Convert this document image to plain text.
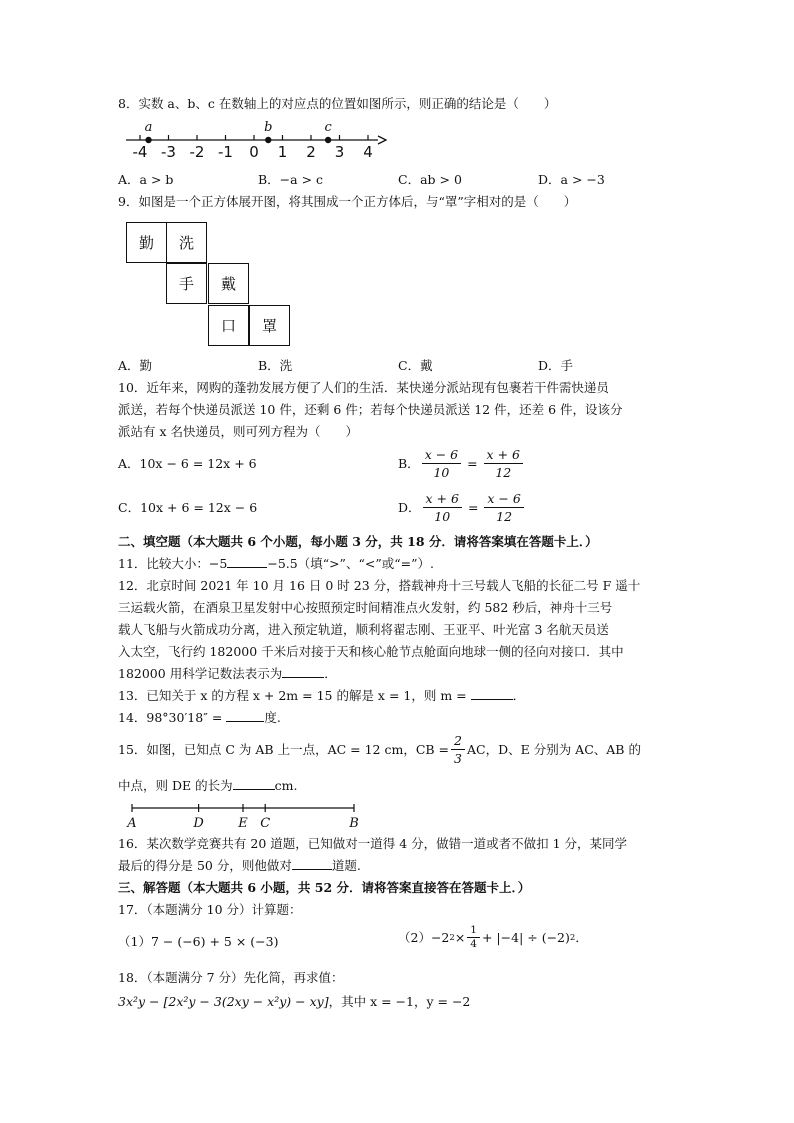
8．实数 a、b、c 在数轴上的对应点的位置如图所示，则正确的结论是（　　）
-4 -3 -2 -1 0 1 2 3 4
a	b	c
A．a > b	B．−a > c	C．ab > 0	D．a > −3
9．如图是一个正方体展开图，将其围成一个正方体后，与“罩”字相对的是（　　）
勤	洗
手	戴
口	罩
A．勤	B．洗	C．戴	D．手
10．近年来，网购的蓬勃发展方便了人们的生活．某快递分派站现有包裹若干件需快递员
派送，若每个快递员派送 10 件，还剩 6 件；若每个快递员派送 12 件，还差 6 件，设该分
派站有 x 名快递员，则可列方程为（　　）
A．10x − 6 = 12x + 6	B． $\frac{x - 6}{10} = \frac{x + 6}{12}$
C．10x + 6 = 12x − 6	D． $\frac{x + 6}{10} = \frac{x - 6}{12}$
二、填空题（本大题共 6 个小题，每小题 3 分，共 18 分．请将答案填在答题卡上．）
11．比较大小：−5	−5.5（填“>”、“<”或“=”）.
12．北京时间 2021 年 10 月 16 日 0 时 23 分，搭载神舟十三号载人飞船的长征二号 F 遥十
三运载火箭，在酒泉卫星发射中心按照预定时间精准点火发射，约 582 秒后，神舟十三号
载人飞船与火箭成功分离，进入预定轨道，顺利将翟志刚、王亚平、叶光富 3 名航天员送
入太空，飞行约 182000 千米后对接于天和核心舱节点舱面向地球一侧的径向对接口．其中
182000 用科学记数法表示为	．
13．已知关于 x 的方程 x + 2m = 15 的解是 x = 1，则 m =	．
14．98°30′18″ =	度.
15．如图，已知点 C 为 AB 上一点，AC = 12 cm，CB = $\frac{2}{3}$ AC，D、E 分别为 AC、AB 的
中点，则 DE 的长为	cm.
A	D	E C	B
16．某次数学竞赛共有 20 道题，已知做对一道得 4 分，做错一道或者不做扣 1 分，某同学
最后的得分是 50 分，则他做对	道题.
三、解答题（本大题共 6 小题，共 52 分．请将答案直接答在答题卡上．）
17．（本题满分 10 分）计算题：
（1）7 − (−6) + 5 × (−3)	（2） −2 $2 \times \frac{1}{4} + |-4| \div (-2)$ 2 ．
18．（本题满分 7 分）先化简，再求值：
3x²y − [2x²y − 3(2xy − x²y) − xy]，其中 x = −1，y = −2
